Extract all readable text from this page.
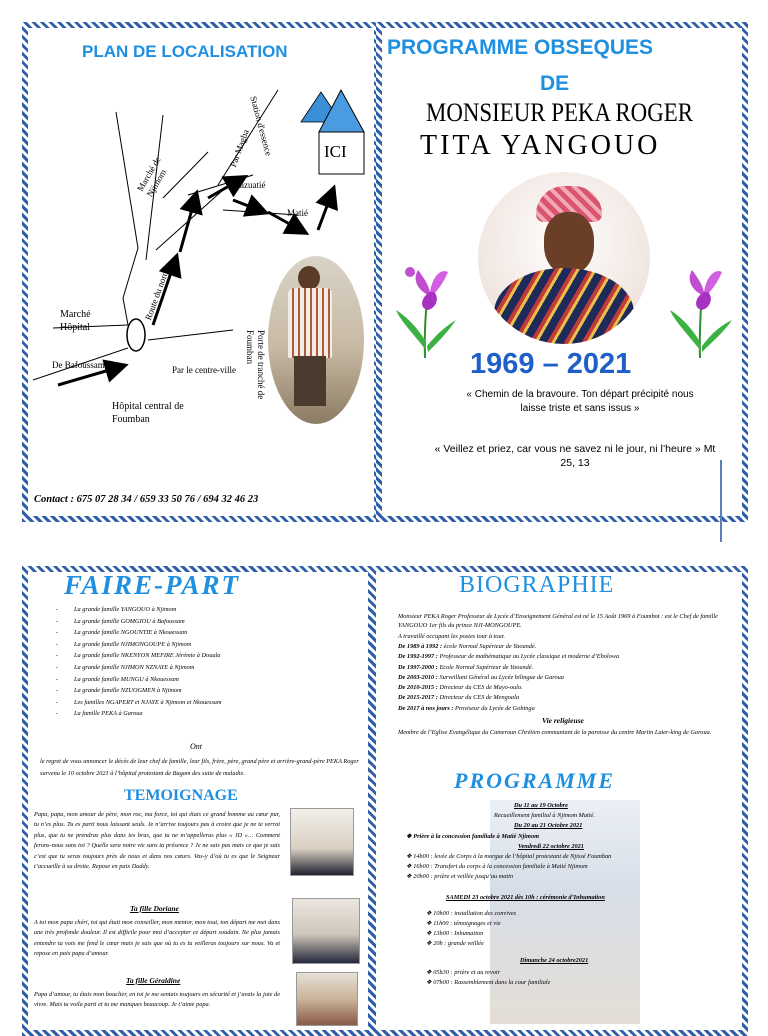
PLAN DE LOCALISATION
ICI
Station d'essence
Par Magba
Marché de Njimom	Mazuatié
Matié
Route du nord
Marché Hôpital
De Bafoussam	Par le centre-ville	Porte de tranché de Foumban
Hôpital central de Foumban
Contact : 675 07 28 34 / 659 33 50 76 / 694 32 46 23
PROGRAMME OBSEQUES
DE
MONSIEUR PEKA ROGER
TITA YANGOUO
1969 – 2021
« Chemin de la bravoure. Ton départ précipité nous laisse triste et sans issus »
« Veillez et priez, car vous ne savez ni le jour, ni l’heure » Mt 25, 13
FAIRE-PART
- La grande famille YANGOUO à Njimom
- La grande famille GOMGIOU à Bafoussam
- La grande famille NGOUNTIE à Nkouessam
- La grande famille NJIMONGOUPE à Njimom
- La grande famille NKENYON MEFIRE Jérémie à Douala
- La grande famille NJIMON NZNAYE à Njimom
- La grande famille MUNGU à Nkouessam
- La grande famille NZUOGMEN à Njimom
- Les familles NGAPERT et NJAYE à Njimom et Nkouessam
- La famille PEKA à Garoua
Ont
le regret de vous annoncer le décès de leur chef de famille, leur fils, frère, père, grand père et arrière-grand-père PEKA Roger survenu le 10 octobre 2021 à l’hôpital protestant de Bagam des suite de maladie.
TEMOIGNAGE
Papa, papa, mon amour de père, mon roc, ma force, toi qui étais ce grand homme au cœur pur, tu n’es plus. Tu es parti nous laissant seuls. Je n’arrive toujours pas à croire que je ne te verrai plus, que tu ne prendras plus dans tes bras, que tu ne m’appelleras plus « JD »… Comment ferons-nous sans toi ? Quelle sera notre vie sans ta présence ? Je ne sais pas mais ce que je sais c’est que tu seras toujours près de nous et dans nos cœurs. Vas-y d’où tu es que le Seigneur t’accueille à sa droite. Repose en paix Daddy.
Ta fille Doriane
A toi mon papa chéri, toi qui était mon conseiller, mon mentor, mon tout, ton départ me met dans une très profonde douleur. Il est difficile pour moi d’accepter ce départ soudain. Ne plus jamais entendre ta voix me fend le cœur mais je sais que où tu es tu veilleras toujours sur nous. Va et repose en paix papa d’amour.
Ta fille Géraldine
Papa d’amour, tu étais mon bouclier, en toi je me sentais toujours en sécurité et j’avais la joie de vivre. Mais tu voila parti et tu me manques beaucoup. Je t’aime papa.
BIOGRAPHIE
Monsieur PEKA Roger Professeur de Lycée d’Enseignement Général est né le 15 Août 1969 à Foumbot : est le Chef de famille YANGOUO 1er fils du prince NJI-MONGOUPE.
A travaillé occupant les postes tour à tour.
De 1989 à 1992 : école Normal Supérieur de Yaoundé.
De 1992-1997 : Professeur de mathématique au Lycée classique et moderne d’Ebolowa
De 1997-2000 : Ecole Normal Supérieur de Yaoundé.
De 2003-2010 : Surveillant Général au Lycée bilingue de Garoua
De 2010-2015 : Directeur du CES de Mayo-oulo.
De 2015-2017 : Directeur du CES de Mengoala
De 2017 à nos jours : Proviseur du Lycée de Gobinga
Vie religieuse
Membre de l’Eglise Evangélique du Cameroun Chrétien communiant de la paroisse du centre Martin Luter-king de Garoua.
PROGRAMME
Du 11 au 19 Octobre
Recueillement familial à Njimom Matié.
Du 20 au 21 Octobre 2021
❖ Prière à la concession familiale à Matié Njimom
Vendredi 22 octobre 2021
❖ 14h00 : levée de Corps à la morgue de l’hôpital protestant de Njissé Foumban
❖ 16h00 : Transfert du corps à la concession familiale à Matié Njimom
❖ 20h00 : prière et veillée jusqu’au matin
SAMEDI 23 octobre 2021 dès 10h : cérémonie d’Inhumation
❖ 10h00 : installation des convives
❖ 11h00 : témoignages et vie
❖ 13h00 : Inhumation
❖ 20h : grande veillée
Dimanche 24 octobre2021
❖ 05h30 : prière et au revoir
❖ 07h00 : Rassemblement dans la cour familiale
